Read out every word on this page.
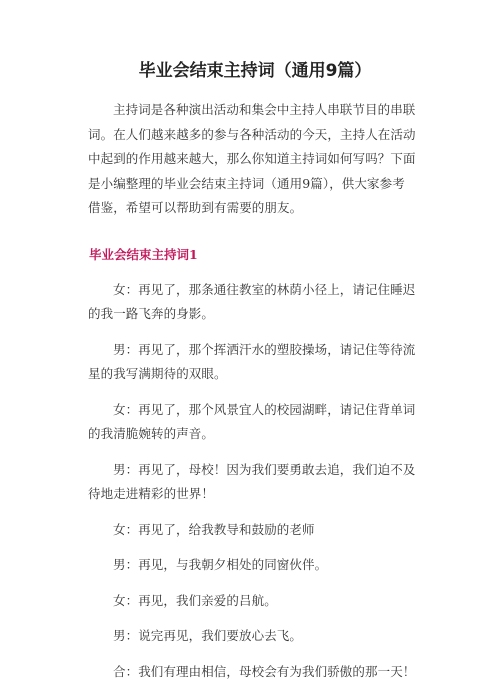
毕业会结束主持词（通用9篇）

主持词是各种演出活动和集会中主持人串联节目的串联词。在人们越来越多的参与各种活动的今天，主持人在活动中起到的作用越来越大，那么你知道主持词如何写吗？下面是小编整理的毕业会结束主持词（通用9篇），供大家参考借鉴，希望可以帮助到有需要的朋友。

毕业会结束主持词1

女：再见了，那条通往教室的林荫小径上，请记住睡迟的我一路飞奔的身影。

男：再见了，那个挥洒汗水的塑胶操场，请记住等待流星的我写满期待的双眼。

女：再见了，那个风景宜人的校园湖畔，请记住背单词的我清脆婉转的声音。

男：再见了，母校！因为我们要勇敢去追，我们迫不及待地走进精彩的世界！

女：再见了，给我教导和鼓励的老师

男：再见，与我朝夕相处的同窗伙伴。

女：再见，我们亲爱的吕航。

男：说完再见，我们要放心去飞。

合：我们有理由相信，母校会有为我们骄傲的那一天！
